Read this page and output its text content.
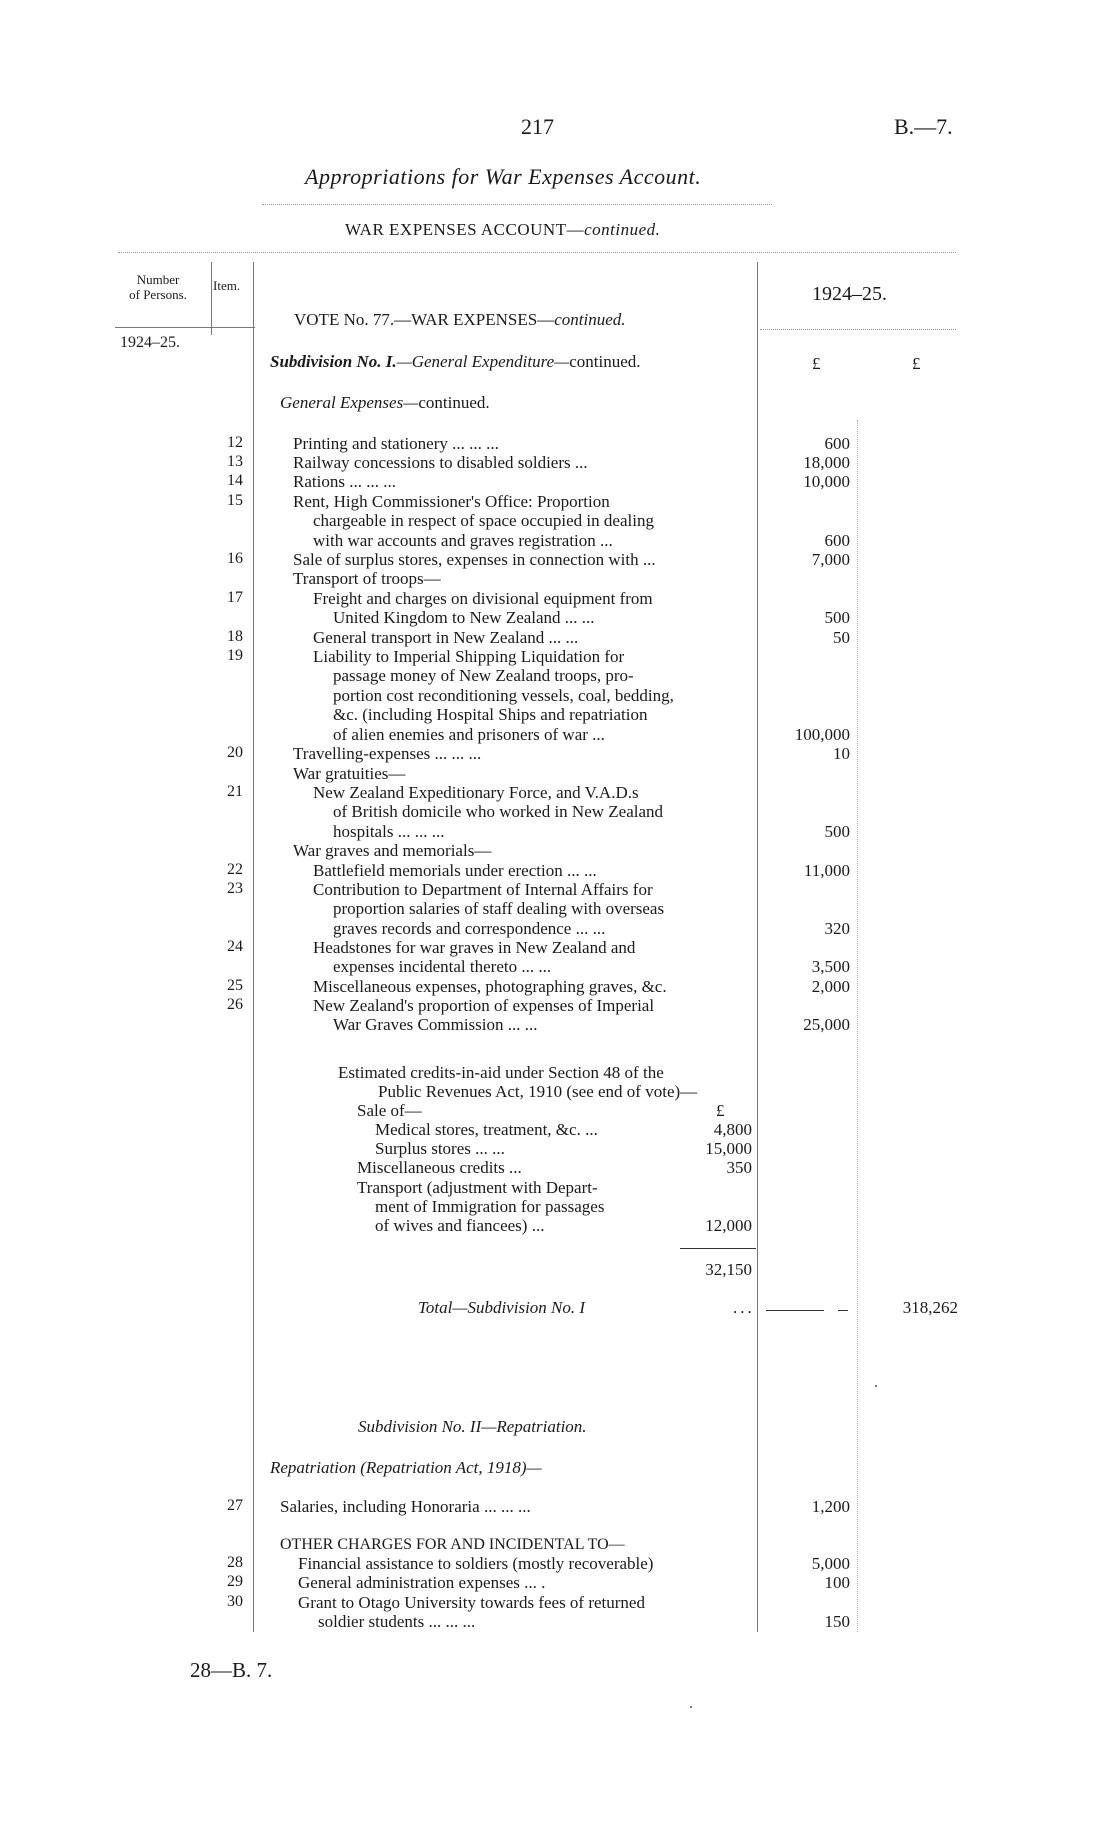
217	B.—7.
Appropriations for War Expenses Account.
WAR EXPENSES ACCOUNT—continued.
Number
of Persons.
Item.	1924–25.
1924–25.
VOTE No. 77.—WAR EXPENSES—continued.
Subdivision No. I.—General Expenditure—continued.	£	£
General Expenses—continued.
12	Printing and stationery ... ... ...	600
13	Railway concessions to disabled soldiers ...	18,000
14	Rations ... ... ...	10,000
15	Rent, High Commissioner's Office: Proportion
chargeable in respect of space occupied in dealing
with war accounts and graves registration ...	600
16	Sale of surplus stores, expenses in connection with ...	7,000
Transport of troops—
17	Freight and charges on divisional equipment from
United Kingdom to New Zealand ... ...	500
18	General transport in New Zealand ... ...	50
19	Liability to Imperial Shipping Liquidation for
passage money of New Zealand troops, pro-
portion cost reconditioning vessels, coal, bedding,
&c. (including Hospital Ships and repatriation
of alien enemies and prisoners of war ...	100,000
20	Travelling-expenses ... ... ...	10
War gratuities—
21	New Zealand Expeditionary Force, and V.A.D.s
of British domicile who worked in New Zealand
hospitals ... ... ...	500
War graves and memorials—
22	Battlefield memorials under erection ... ...	11,000
23	Contribution to Department of Internal Affairs for
proportion salaries of staff dealing with overseas
graves records and correspondence ... ...	320
24	Headstones for war graves in New Zealand and
expenses incidental thereto ... ...	3,500
25	Miscellaneous expenses, photographing graves, &c.	2,000
26	New Zealand's proportion of expenses of Imperial
War Graves Commission ... ...	25,000
Estimated credits-in-aid under Section 48 of the
Public Revenues Act, 1910 (see end of vote)—
Sale of—	£
Medical stores, treatment, &c. ...	4,800
Surplus stores ... ...	15,000
Miscellaneous credits ...	350
Transport (adjustment with Depart-
ment of Immigration for passages
of wives and fiancees) ...	12,000
32,150
Total—Subdivision No. I	...	318,262
Subdivision No. II—Repatriation.
Repatriation (Repatriation Act, 1918)—
27	Salaries, including Honoraria ... ... ...	1,200
OTHER CHARGES FOR AND INCIDENTAL TO—
28	Financial assistance to soldiers (mostly recoverable)	5,000
29	General administration expenses ... .	100
30	Grant to Otago University towards fees of returned
soldier students ... ... ...	150
28—B. 7.
